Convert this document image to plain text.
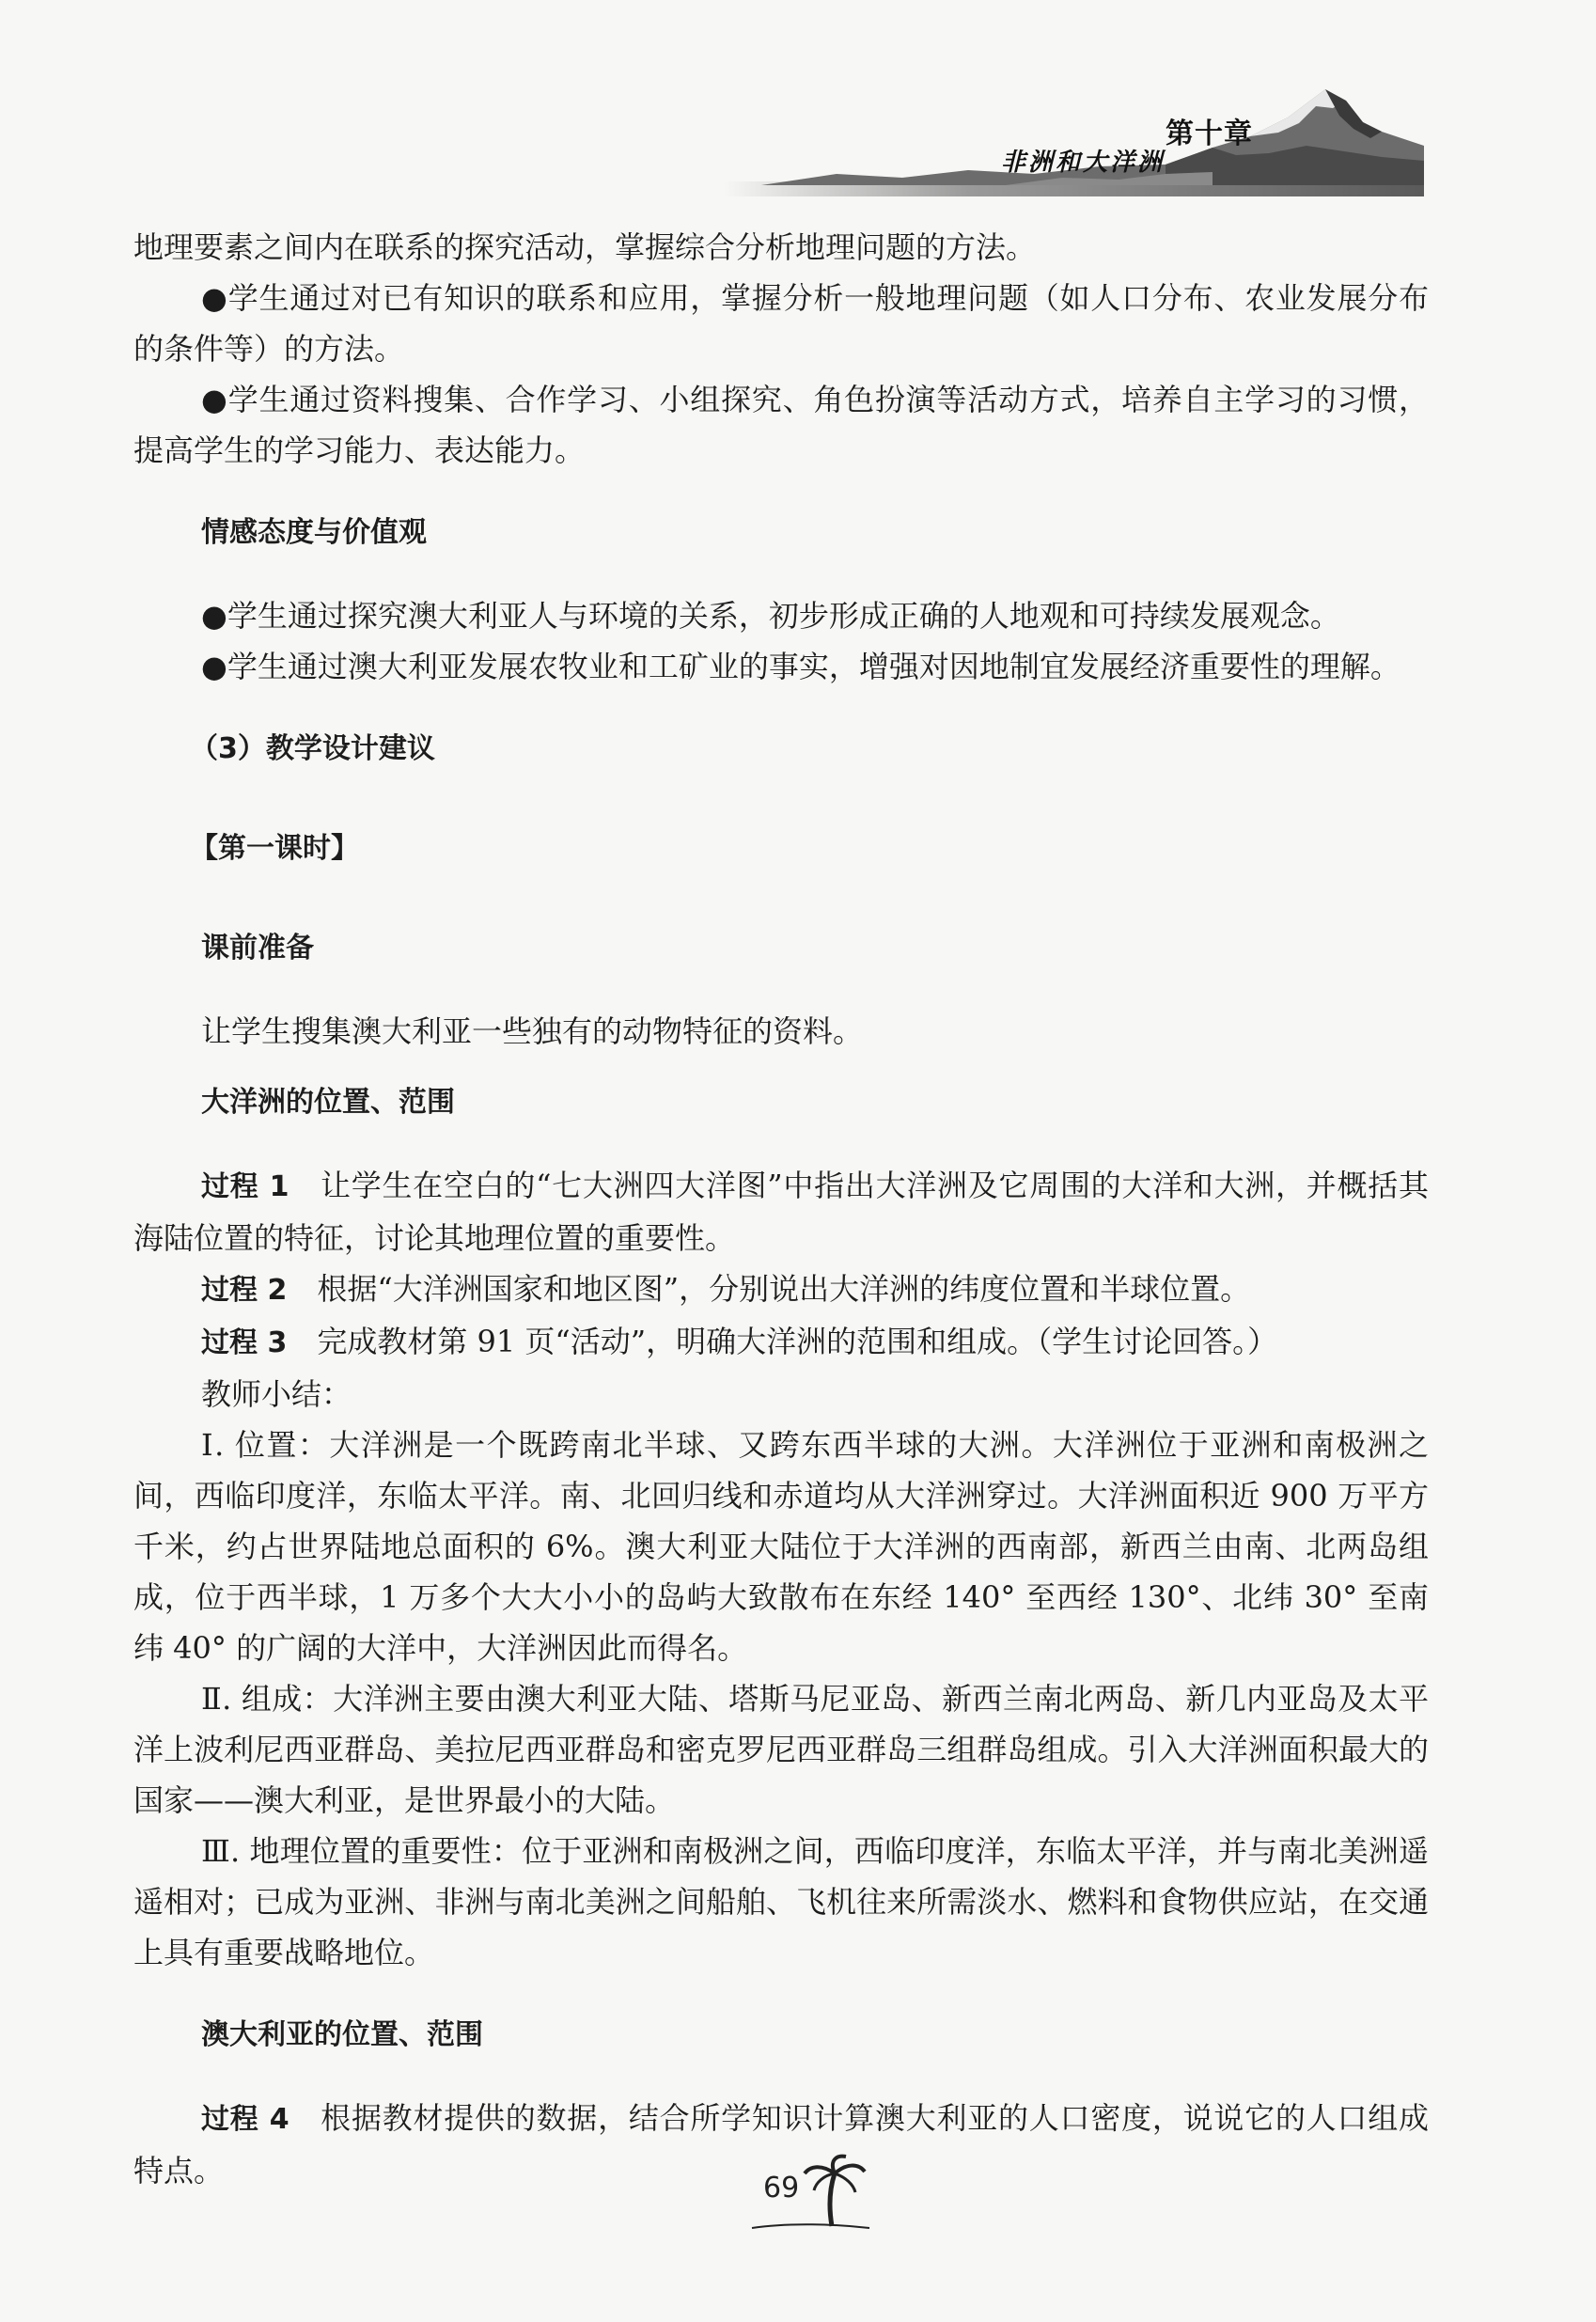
第十章
非洲和大洋洲

地理要素之间内在联系的探究活动，掌握综合分析地理问题的方法。

●学生通过对已有知识的联系和应用，掌握分析一般地理问题（如人口分布、农业发展分布的条件等）的方法。

●学生通过资料搜集、合作学习、小组探究、角色扮演等活动方式，培养自主学习的习惯，提高学生的学习能力、表达能力。

情感态度与价值观

●学生通过探究澳大利亚人与环境的关系，初步形成正确的人地观和可持续发展观念。

●学生通过澳大利亚发展农牧业和工矿业的事实，增强对因地制宜发展经济重要性的理解。

（3）教学设计建议
【第一课时】
课前准备

让学生搜集澳大利亚一些独有的动物特征的资料。

大洋洲的位置、范围

过程 1　 让学生在空白的“七大洲四大洋图”中指出大洋洲及它周围的大洋和大洲，并概括其海陆位置的特征，讨论其地理位置的重要性。

过程 2　 根据“大洋洲国家和地区图”，分别说出大洋洲的纬度位置和半球位置。

过程 3　 完成教材第 91 页“活动”，明确大洋洲的范围和组成。（学生讨论回答。）

教师小结：

Ⅰ. 位置：大洋洲是一个既跨南北半球、又跨东西半球的大洲。大洋洲位于亚洲和南极洲之间，西临印度洋，东临太平洋。南、北回归线和赤道均从大洋洲穿过。大洋洲面积近 900 万平方千米，约占世界陆地总面积的 6%。澳大利亚大陆位于大洋洲的西南部，新西兰由南、北两岛组成，位于西半球，1 万多个大大小小的岛屿大致散布在东经 140° 至西经 130°、北纬 30° 至南纬 40° 的广阔的大洋中，大洋洲因此而得名。

Ⅱ. 组成：大洋洲主要由澳大利亚大陆、塔斯马尼亚岛、新西兰南北两岛、新几内亚岛及太平洋上波利尼西亚群岛、美拉尼西亚群岛和密克罗尼西亚群岛三组群岛组成。引入大洋洲面积最大的国家——澳大利亚，是世界最小的大陆。

Ⅲ. 地理位置的重要性：位于亚洲和南极洲之间，西临印度洋，东临太平洋，并与南北美洲遥遥相对；已成为亚洲、非洲与南北美洲之间船舶、飞机往来所需淡水、燃料和食物供应站，在交通上具有重要战略地位。

澳大利亚的位置、范围

过程 4　 根据教材提供的数据，结合所学知识计算澳大利亚的人口密度，说说它的人口组成特点。	69
